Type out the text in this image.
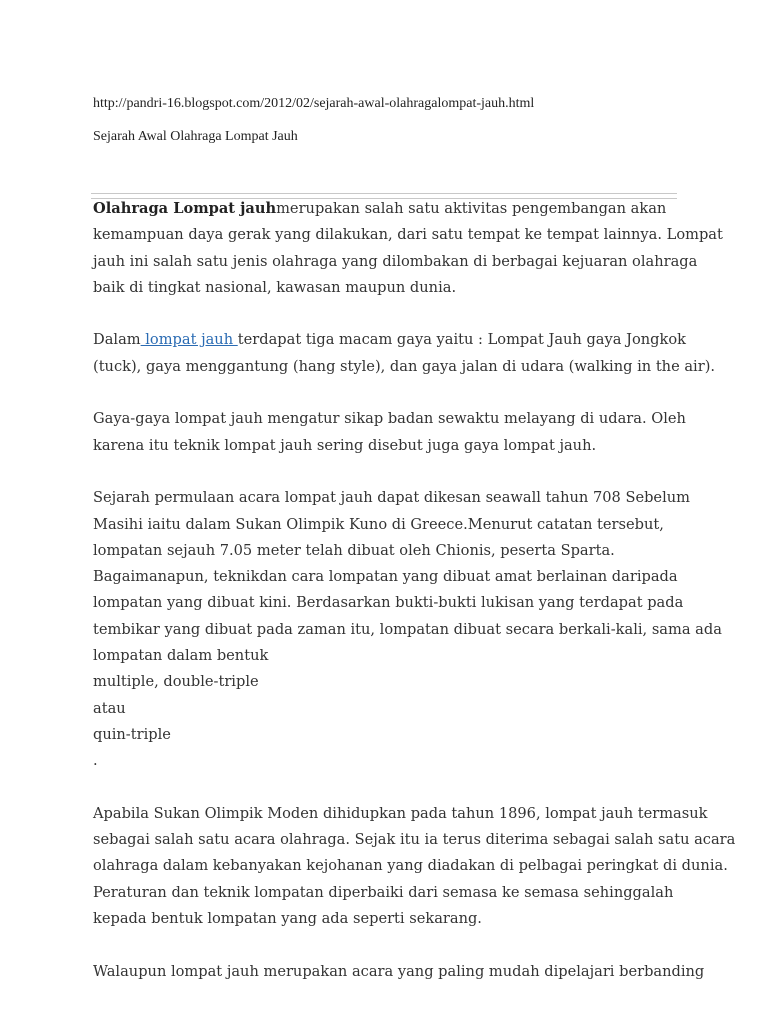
http://pandri-16.blogspot.com/2012/02/sejarah-awal-olahragalompat-jauh.html
Sejarah Awal Olahraga Lompat Jauh

Olahraga Lompat jauhmerupakan salah satu aktivitas pengembangan akan
kemampuan daya gerak yang dilakukan, dari satu tempat ke tempat lainnya. Lompat
jauh ini salah satu jenis olahraga yang dilombakan di berbagai kejuaran olahraga
baik di tingkat nasional, kawasan maupun dunia.

Dalam lompat jauh terdapat tiga macam gaya yaitu : Lompat Jauh gaya Jongkok
(tuck), gaya menggantung (hang style), dan gaya jalan di udara (walking in the air).

Gaya-gaya lompat jauh mengatur sikap badan sewaktu melayang di udara. Oleh
karena itu teknik lompat jauh sering disebut juga gaya lompat jauh.

Sejarah permulaan acara lompat jauh dapat dikesan seawall tahun 708 Sebelum
Masihi iaitu dalam Sukan Olimpik Kuno di Greece.Menurut catatan tersebut,
lompatan sejauh 7.05 meter telah dibuat oleh Chionis, peserta Sparta.
Bagaimanapun, teknikdan cara lompatan yang dibuat amat berlainan daripada
lompatan yang dibuat kini. Berdasarkan bukti-bukti lukisan yang terdapat pada
tembikar yang dibuat pada zaman itu, lompatan dibuat secara berkali-kali, sama ada
lompatan dalam bentuk
multiple, double-triple
atau
quin-triple
.

Apabila Sukan Olimpik Moden dihidupkan pada tahun 1896, lompat jauh termasuk
sebagai salah satu acara olahraga. Sejak itu ia terus diterima sebagai salah satu acara
olahraga dalam kebanyakan kejohanan yang diadakan di pelbagai peringkat di dunia.
Peraturan dan teknik lompatan diperbaiki dari semasa ke semasa sehinggalah
kepada bentuk lompatan yang ada seperti sekarang.

Walaupun lompat jauh merupakan acara yang paling mudah dipelajari berbanding
